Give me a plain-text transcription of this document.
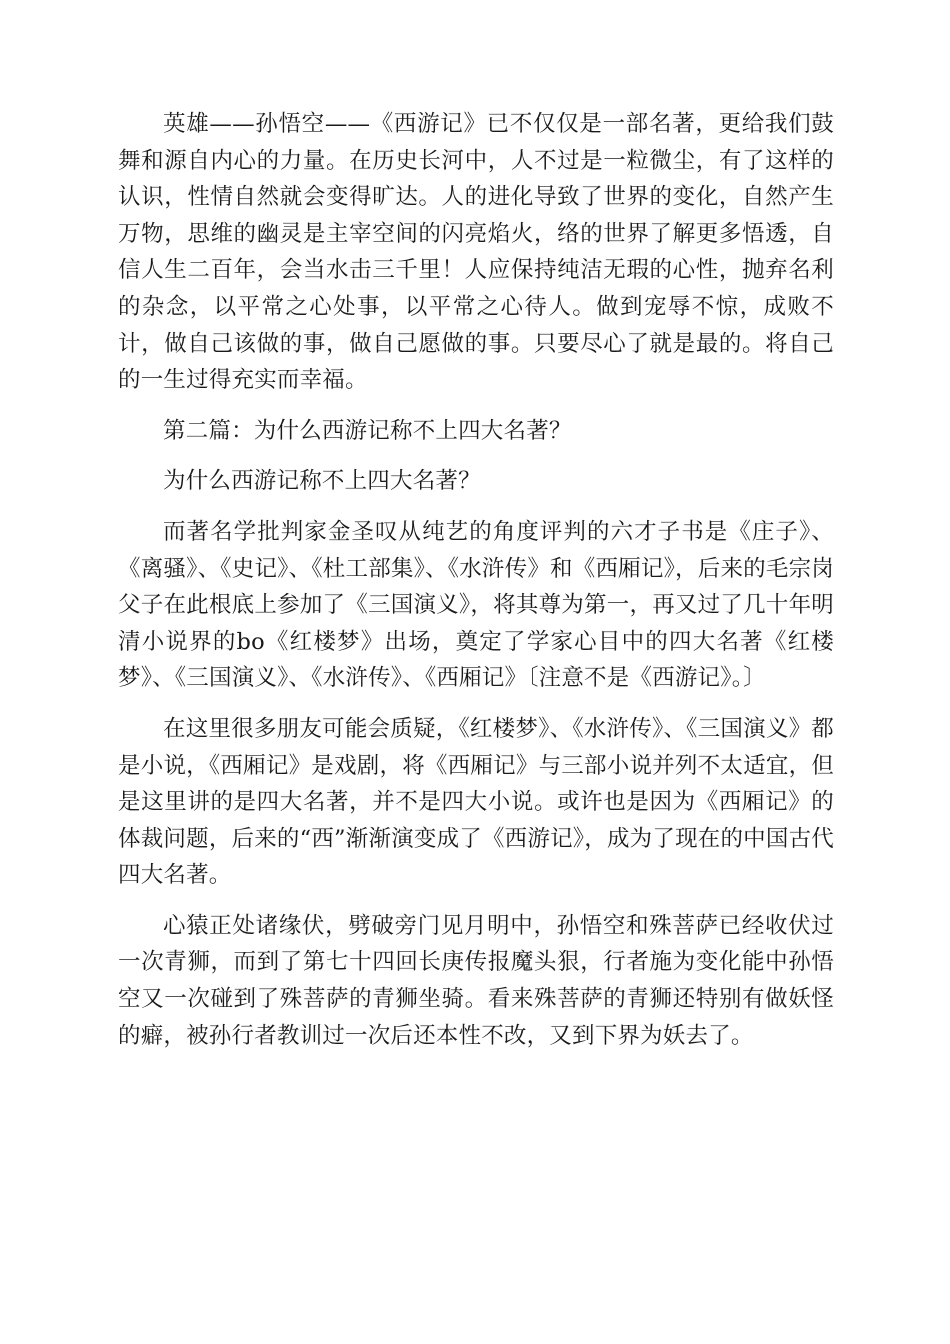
英雄——孙悟空——《西游记》已不仅仅是一部名著，更给我们鼓舞和源自内心的力量。在历史长河中，人不过是一粒微尘，有了这样的认识，性情自然就会变得旷达。人的进化导致了世界的变化，自然产生万物，思维的幽灵是主宰空间的闪亮焰火，络的世界了解更多悟透，自信人生二百年，会当水击三千里！人应保持纯洁无瑕的心性，抛弃名利的杂念，以平常之心处事，以平常之心待人。做到宠辱不惊，成败不计，做自己该做的事，做自己愿做的事。只要尽心了就是最的。将自己的一生过得充实而幸福。

第二篇：为什么西游记称不上四大名著？

为什么西游记称不上四大名著？

而著名学批判家金圣叹从纯艺的角度评判的六才子书是《庄子》、《离骚》、《史记》、《杜工部集》、《水浒传》和《西厢记》，后来的毛宗岗父子在此根底上参加了《三国演义》，将其尊为第一，再又过了几十年明清小说界的bo《红楼梦》出场，奠定了学家心目中的四大名著《红楼梦》、《三国演义》、《水浒传》、《西厢记》〔注意不是《西游记》。〕

在这里很多朋友可能会质疑，《红楼梦》、《水浒传》、《三国演义》都是小说，《西厢记》是戏剧，将《西厢记》与三部小说并列不太适宜，但是这里讲的是四大名著，并不是四大小说。或许也是因为《西厢记》的体裁问题，后来的“西”渐渐演变成了《西游记》，成为了现在的中国古代四大名著。

心猿正处诸缘伏，劈破旁门见月明中，孙悟空和殊菩萨已经收伏过一次青狮，而到了第七十四回长庚传报魔头狠，行者施为变化能中孙悟空又一次碰到了殊菩萨的青狮坐骑。看来殊菩萨的青狮还特别有做妖怪的癖，被孙行者教训过一次后还本性不改，又到下界为妖去了。
